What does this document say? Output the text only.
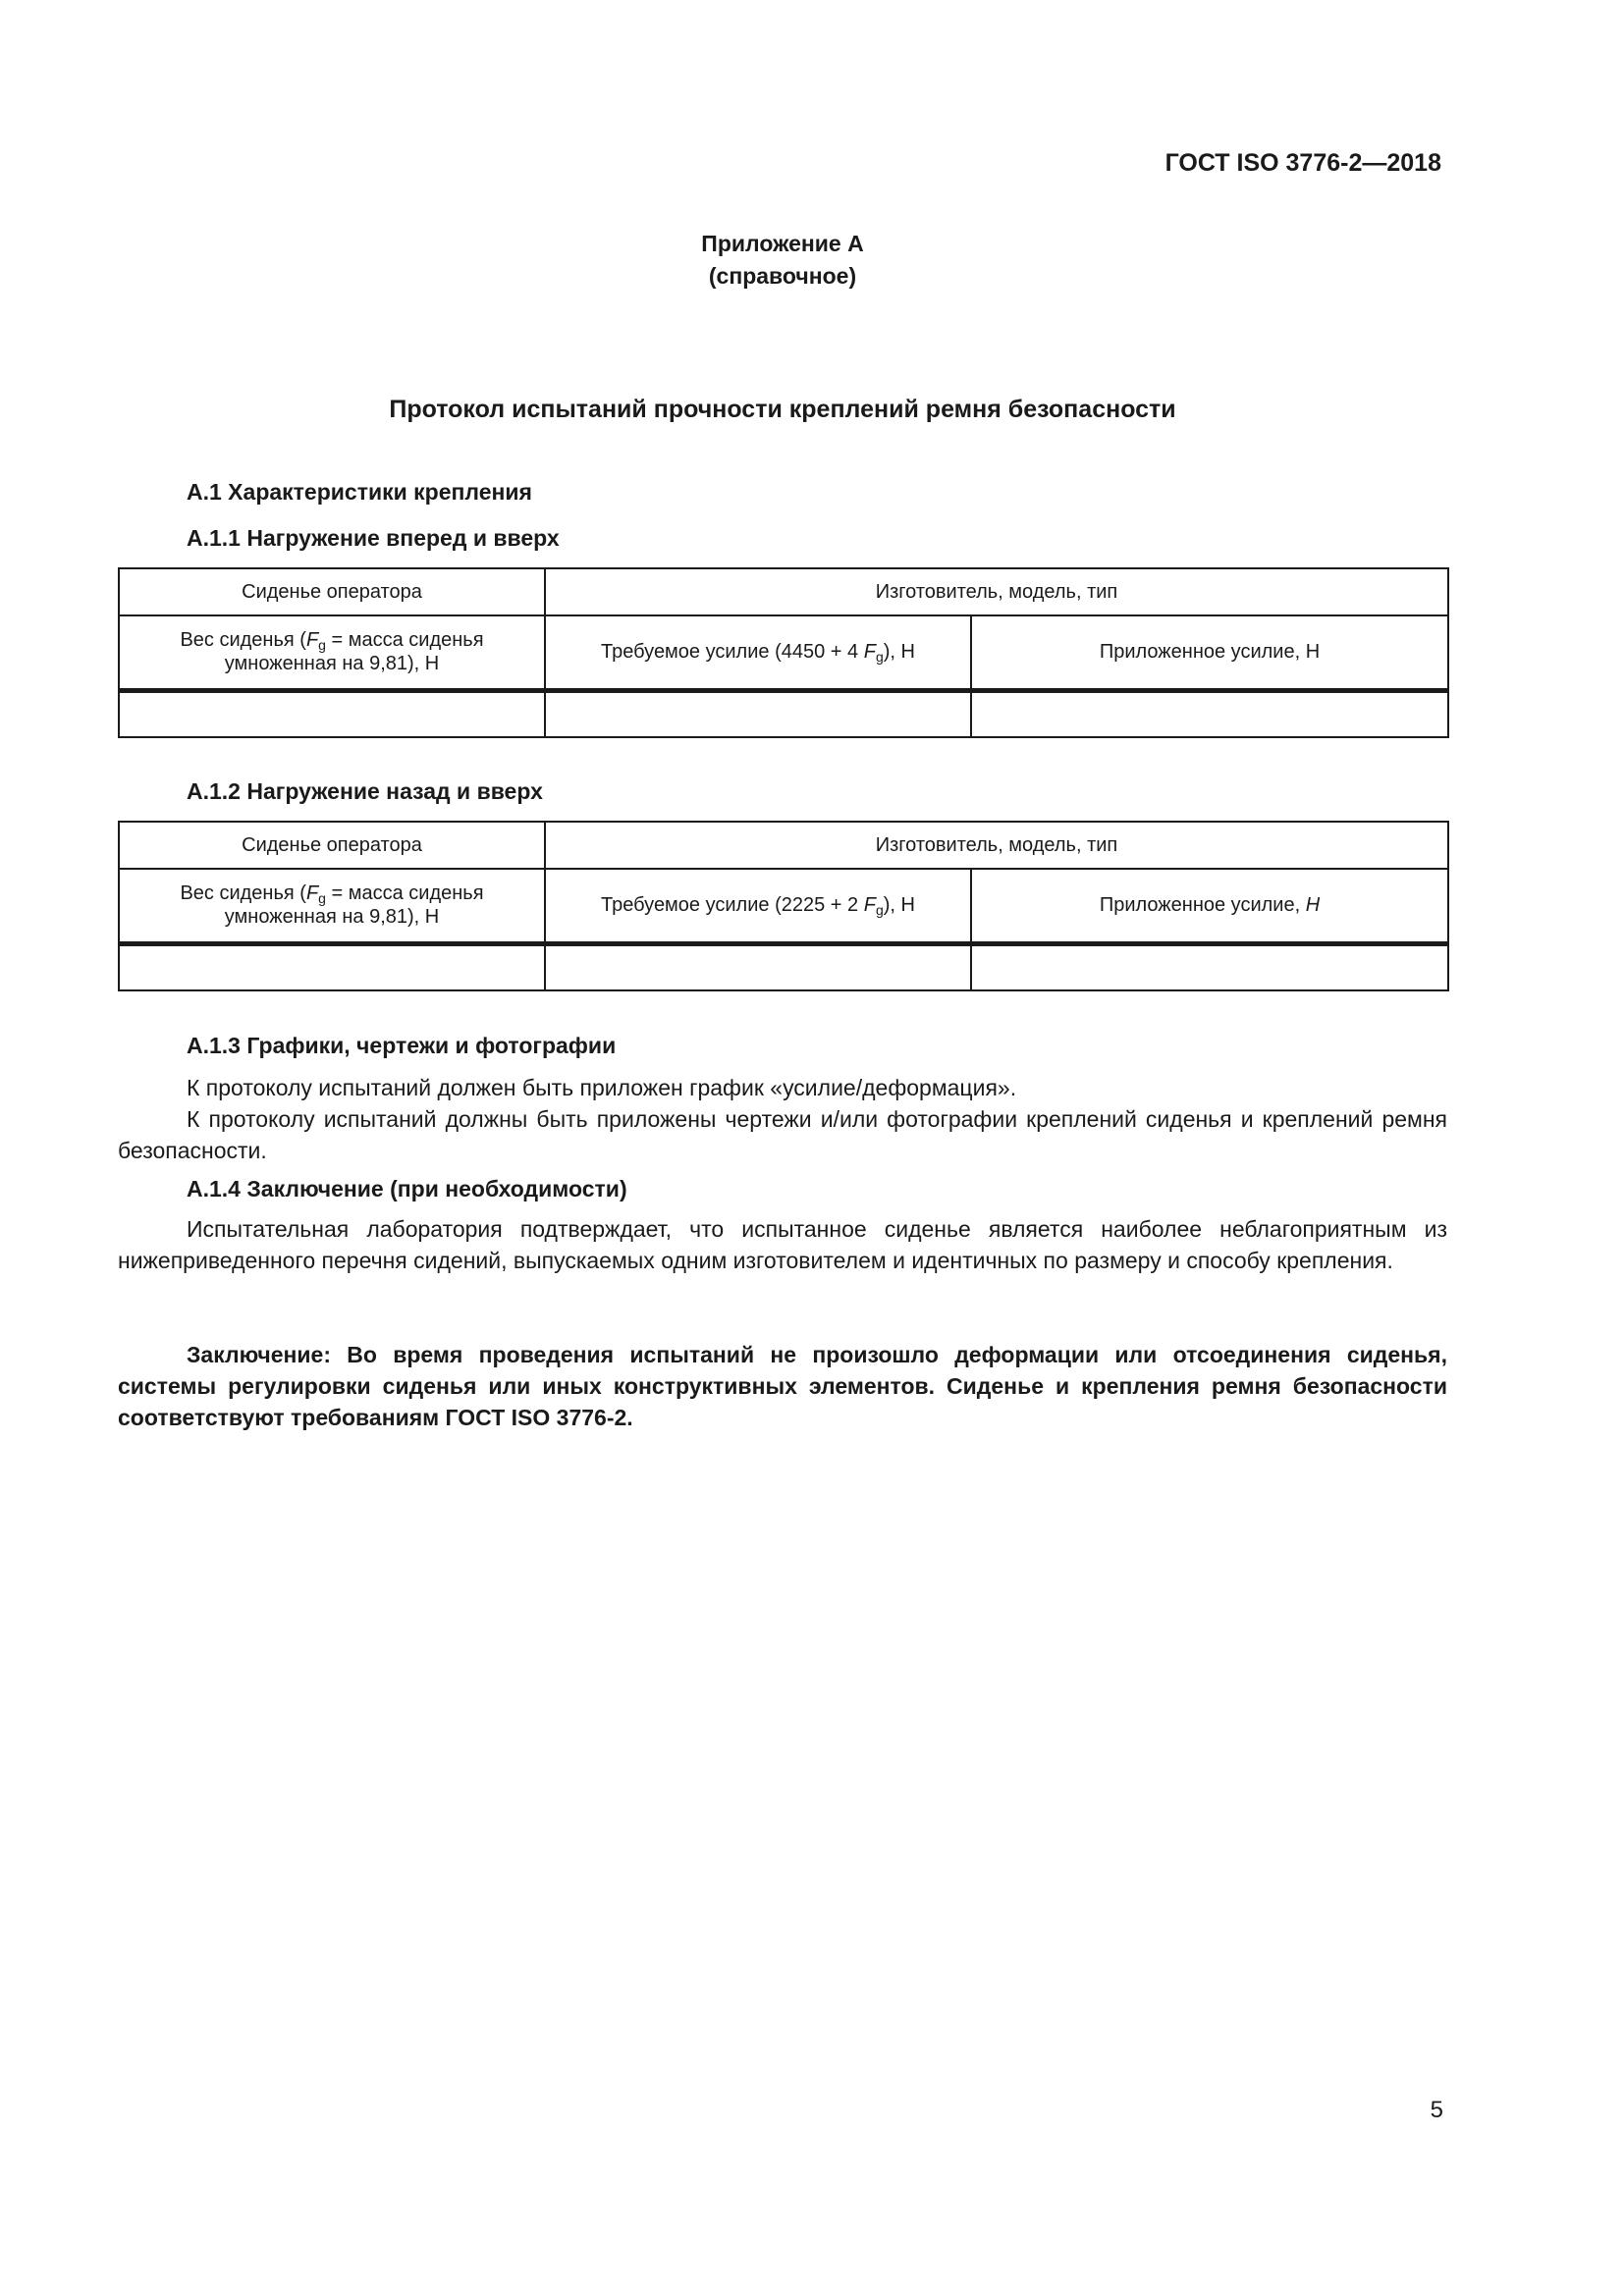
ГОСТ ISO 3776-2—2018
Приложение А
(справочное)
Протокол испытаний прочности креплений ремня безопасности
А.1 Характеристики крепления
А.1.1 Нагружение вперед и вверх
Сиденье оператора	Изготовитель, модель, тип	
Вес сиденья ($F_g$ = масса сиденья
умноженная на 9,81), Н	Требуемое усилие (4450 + 4 $F_g$), Н	Приложенное усилие, Н

А.1.2 Нагружение назад и вверх
Сиденье оператора	Изготовитель, модель, тип	
Вес сиденья ($F_g$ = масса сиденья
умноженная на 9,81), Н	Требуемое усилие (2225 + 2 $F_g$), Н	Приложенное усилие, Н

А.1.3 Графики, чертежи и фотографии
К протоколу испытаний должен быть приложен график «усилие/деформация».
К протоколу испытаний должны быть приложены чертежи и/или фотографии креплений сиденья и креплений ремня безопасности.
А.1.4 Заключение (при необходимости)
Испытательная лаборатория подтверждает, что испытанное сиденье является наиболее неблагоприятным из нижеприведенного перечня сидений, выпускаемых одним изготовителем и идентичных по размеру и способу крепления.
Заключение: Во время проведения испытаний не произошло деформации или отсоединения сиденья, системы регулировки сиденья или иных конструктивных элементов. Сиденье и крепления ремня безопасности соответствуют требованиям ГОСТ ISO 3776-2.
5
